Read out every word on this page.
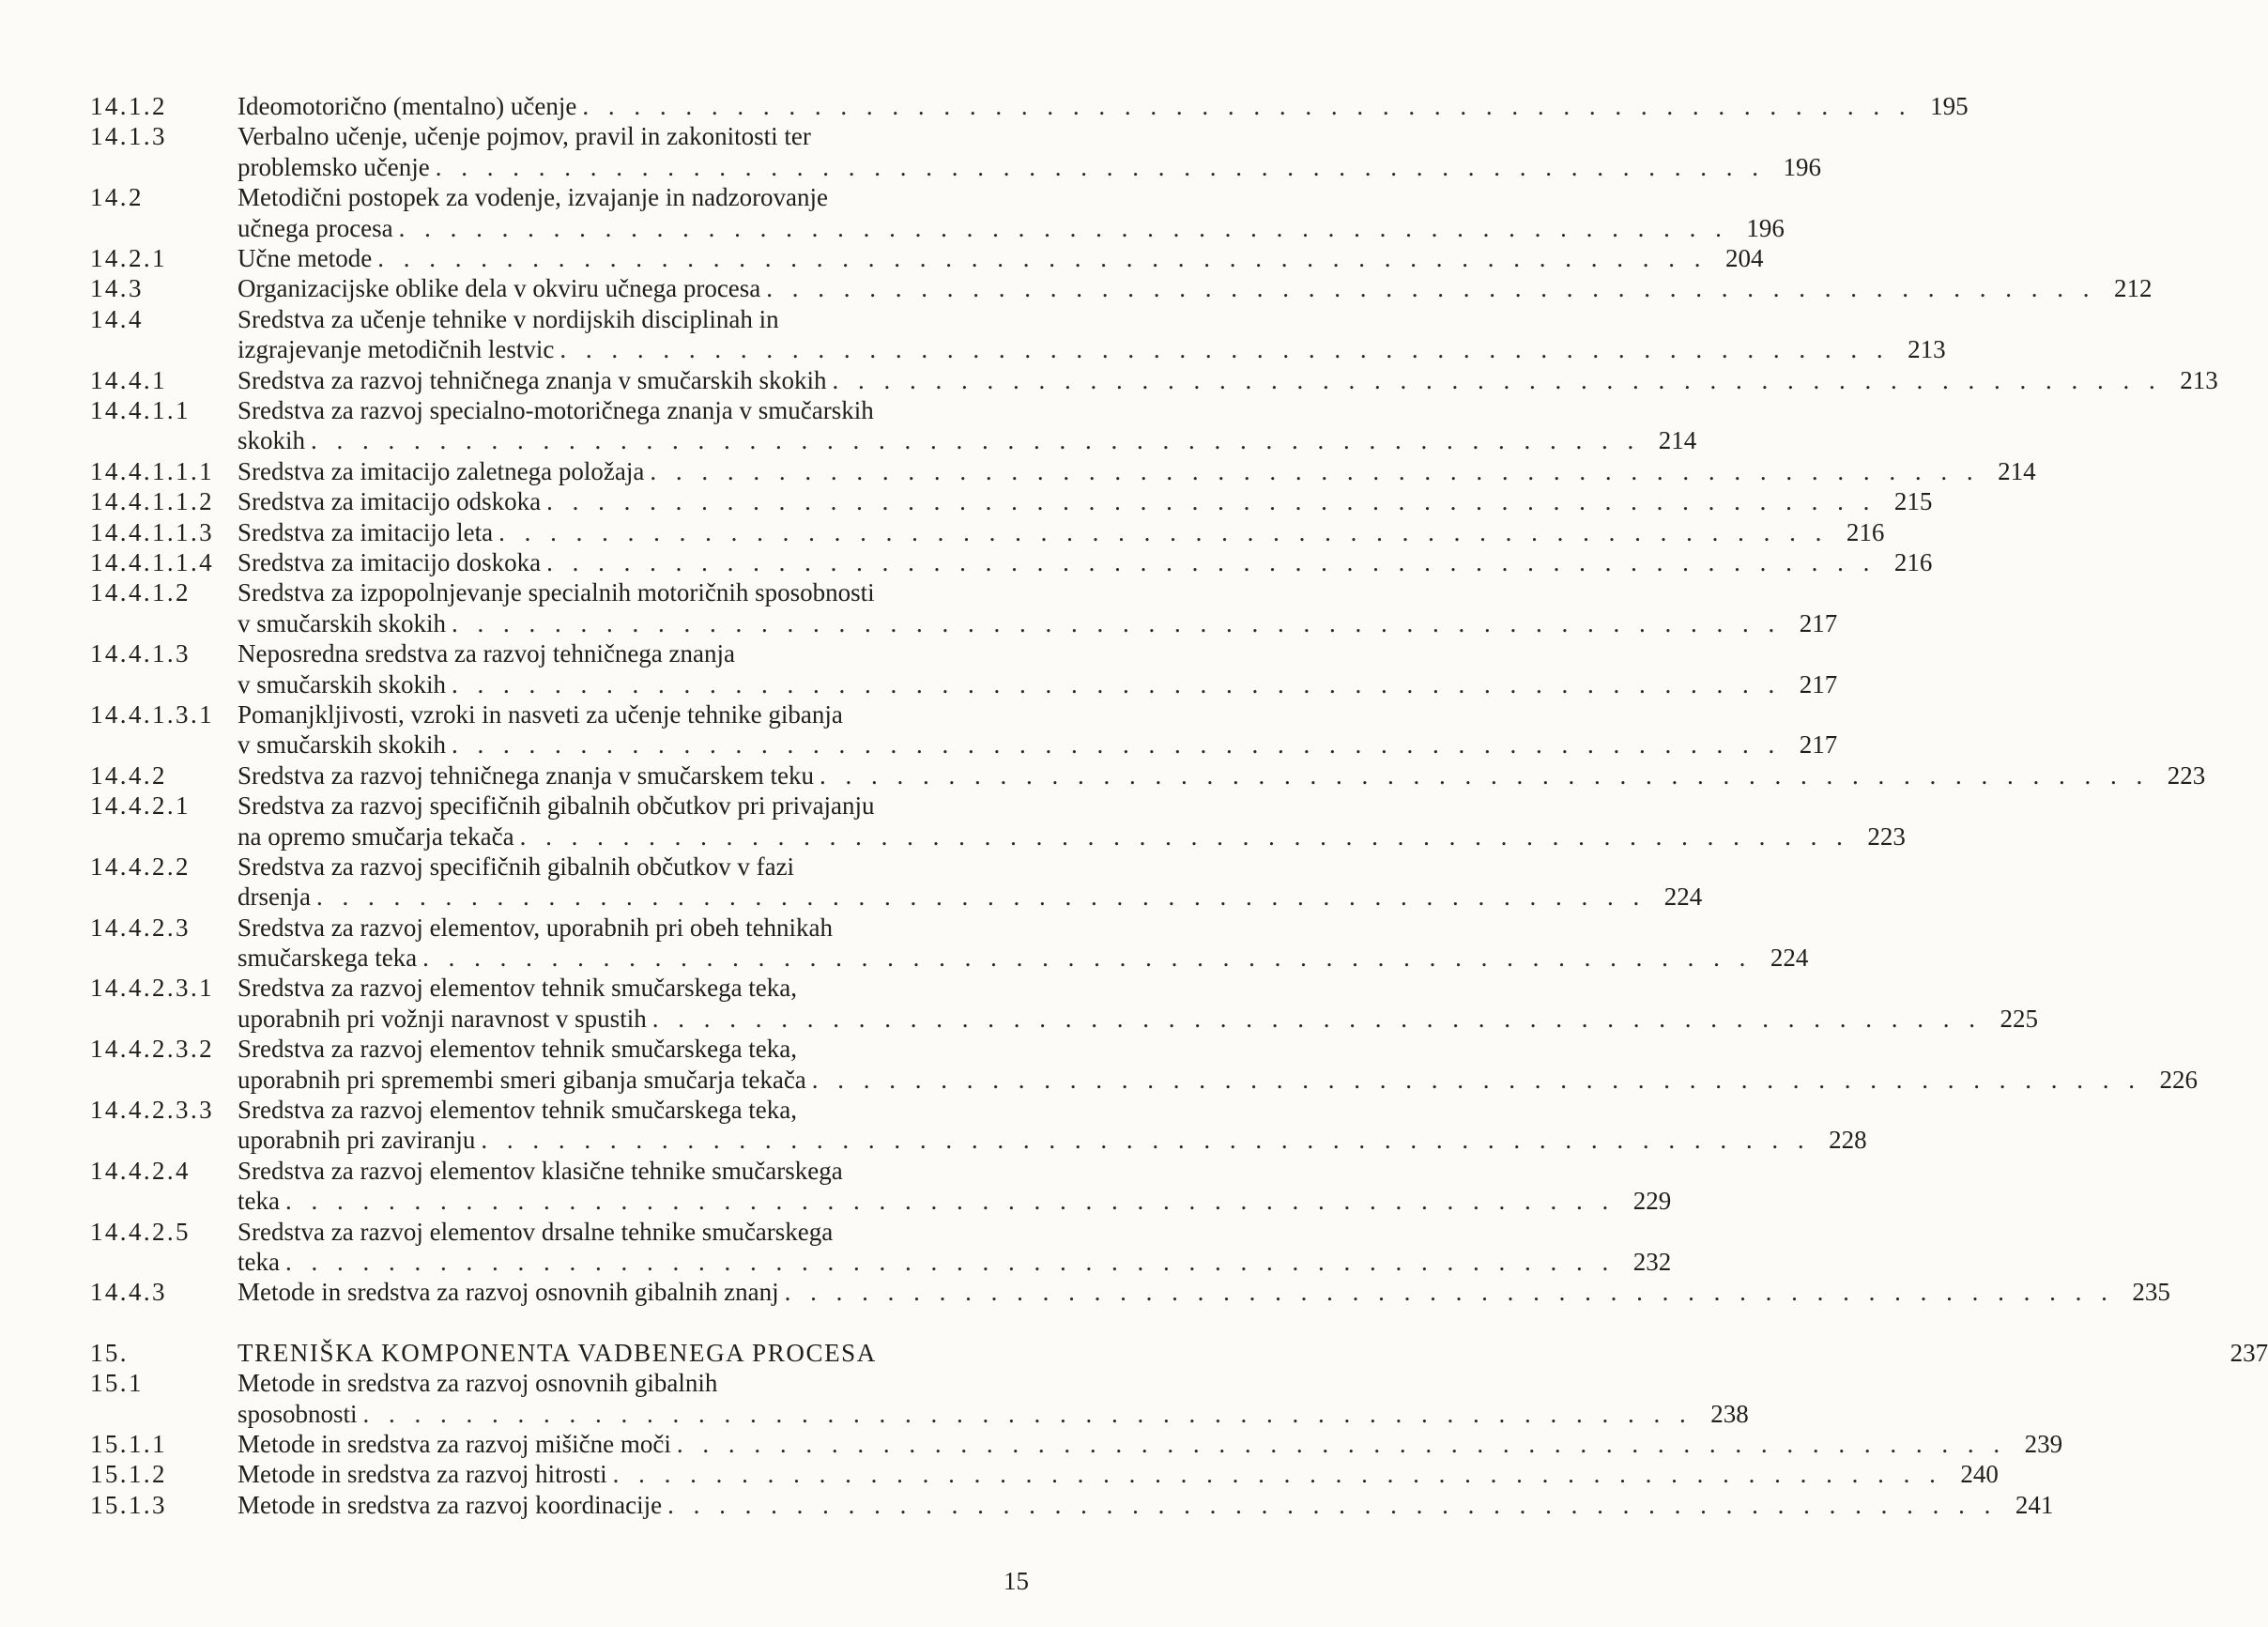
14.1.2	Ideomotorično (mentalno) učenje . . . . . . . . . . . . . . . . . . . . . . . . . . . . . . . . . . . . . . . . . . . . . . . . . . . . 195
14.1.3	Verbalno učenje, učenje pojmov, pravil in zakonitosti ter
problemsko učenje . . . . . . . . . . . . . . . . . . . . . . . . . . . . . . . . . . . . . . . . . . . . . . . . . . . . 196
14.2	Metodični postopek za vodenje, izvajanje in nadzorovanje
učnega procesa . . . . . . . . . . . . . . . . . . . . . . . . . . . . . . . . . . . . . . . . . . . . . . . . . . . . 196
14.2.1	Učne metode . . . . . . . . . . . . . . . . . . . . . . . . . . . . . . . . . . . . . . . . . . . . . . . . . . . . 204
14.3	Organizacijske oblike dela v okviru učnega procesa . . . . . . . . . . . . . . . . . . . . . . . . . . . . . . . . . . . . . . . . . . . . . . . . . . . . 212
14.4	Sredstva za učenje tehnike v nordijskih disciplinah in
izgrajevanje metodičnih lestvic . . . . . . . . . . . . . . . . . . . . . . . . . . . . . . . . . . . . . . . . . . . . . . . . . . . . 213
14.4.1	Sredstva za razvoj tehničnega znanja v smučarskih skokih . . . . . . . . . . . . . . . . . . . . . . . . . . . . . . . . . . . . . . . . . . . . . . . . . . . . 213
14.4.1.1	Sredstva za razvoj specialno-motoričnega znanja v smučarskih
skokih . . . . . . . . . . . . . . . . . . . . . . . . . . . . . . . . . . . . . . . . . . . . . . . . . . . . 214
14.4.1.1.1 Sredstva za imitacijo zaletnega položaja . . . . . . . . . . . . . . . . . . . . . . . . . . . . . . . . . . . . . . . . . . . . . . . . . . . . 214
14.4.1.1.2 Sredstva za imitacijo odskoka . . . . . . . . . . . . . . . . . . . . . . . . . . . . . . . . . . . . . . . . . . . . . . . . . . . . 215
14.4.1.1.3 Sredstva za imitacijo leta . . . . . . . . . . . . . . . . . . . . . . . . . . . . . . . . . . . . . . . . . . . . . . . . . . . . 216
14.4.1.1.4 Sredstva za imitacijo doskoka . . . . . . . . . . . . . . . . . . . . . . . . . . . . . . . . . . . . . . . . . . . . . . . . . . . . 216
14.4.1.2	Sredstva za izpopolnjevanje specialnih motoričnih sposobnosti
v smučarskih skokih . . . . . . . . . . . . . . . . . . . . . . . . . . . . . . . . . . . . . . . . . . . . . . . . . . . . 217
14.4.1.3	Neposredna sredstva za razvoj tehničnega znanja
v smučarskih skokih . . . . . . . . . . . . . . . . . . . . . . . . . . . . . . . . . . . . . . . . . . . . . . . . . . . . 217
14.4.1.3.1 Pomanjkljivosti, vzroki in nasveti za učenje tehnike gibanja
v smučarskih skokih . . . . . . . . . . . . . . . . . . . . . . . . . . . . . . . . . . . . . . . . . . . . . . . . . . . . 217
14.4.2	Sredstva za razvoj tehničnega znanja v smučarskem teku . . . . . . . . . . . . . . . . . . . . . . . . . . . . . . . . . . . . . . . . . . . . . . . . . . . . 223
14.4.2.1	Sredstva za razvoj specifičnih gibalnih občutkov pri privajanju
na opremo smučarja tekača . . . . . . . . . . . . . . . . . . . . . . . . . . . . . . . . . . . . . . . . . . . . . . . . . . . . 223
14.4.2.2	Sredstva za razvoj specifičnih gibalnih občutkov v fazi
drsenja . . . . . . . . . . . . . . . . . . . . . . . . . . . . . . . . . . . . . . . . . . . . . . . . . . . . 224
14.4.2.3	Sredstva za razvoj elementov, uporabnih pri obeh tehnikah
smučarskega teka . . . . . . . . . . . . . . . . . . . . . . . . . . . . . . . . . . . . . . . . . . . . . . . . . . . . 224
14.4.2.3.1 Sredstva za razvoj elementov tehnik smučarskega teka,
uporabnih pri vožnji naravnost v spustih . . . . . . . . . . . . . . . . . . . . . . . . . . . . . . . . . . . . . . . . . . . . . . . . . . . . 225
14.4.2.3.2 Sredstva za razvoj elementov tehnik smučarskega teka,
uporabnih pri spremembi smeri gibanja smučarja tekača . . . . . . . . . . . . . . . . . . . . . . . . . . . . . . . . . . . . . . . . . . . . . . . . . . . . 226
14.4.2.3.3 Sredstva za razvoj elementov tehnik smučarskega teka,
uporabnih pri zaviranju . . . . . . . . . . . . . . . . . . . . . . . . . . . . . . . . . . . . . . . . . . . . . . . . . . . . 228
14.4.2.4	Sredstva za razvoj elementov klasične tehnike smučarskega
teka . . . . . . . . . . . . . . . . . . . . . . . . . . . . . . . . . . . . . . . . . . . . . . . . . . . . 229
14.4.2.5	Sredstva za razvoj elementov drsalne tehnike smučarskega
teka . . . . . . . . . . . . . . . . . . . . . . . . . . . . . . . . . . . . . . . . . . . . . . . . . . . . 232
14.4.3	Metode in sredstva za razvoj osnovnih gibalnih znanj . . . . . . . . . . . . . . . . . . . . . . . . . . . . . . . . . . . . . . . . . . . . . . . . . . . . 235
15.	TRENIŠKA KOMPONENTA VADBENEGA PROCESA	237
15.1	Metode in sredstva za razvoj osnovnih gibalnih
sposobnosti . . . . . . . . . . . . . . . . . . . . . . . . . . . . . . . . . . . . . . . . . . . . . . . . . . . . 238
15.1.1	Metode in sredstva za razvoj mišične moči . . . . . . . . . . . . . . . . . . . . . . . . . . . . . . . . . . . . . . . . . . . . . . . . . . . . 239
15.1.2	Metode in sredstva za razvoj hitrosti . . . . . . . . . . . . . . . . . . . . . . . . . . . . . . . . . . . . . . . . . . . . . . . . . . . . 240
15.1.3	Metode in sredstva za razvoj koordinacije . . . . . . . . . . . . . . . . . . . . . . . . . . . . . . . . . . . . . . . . . . . . . . . . . . . . 241
15
